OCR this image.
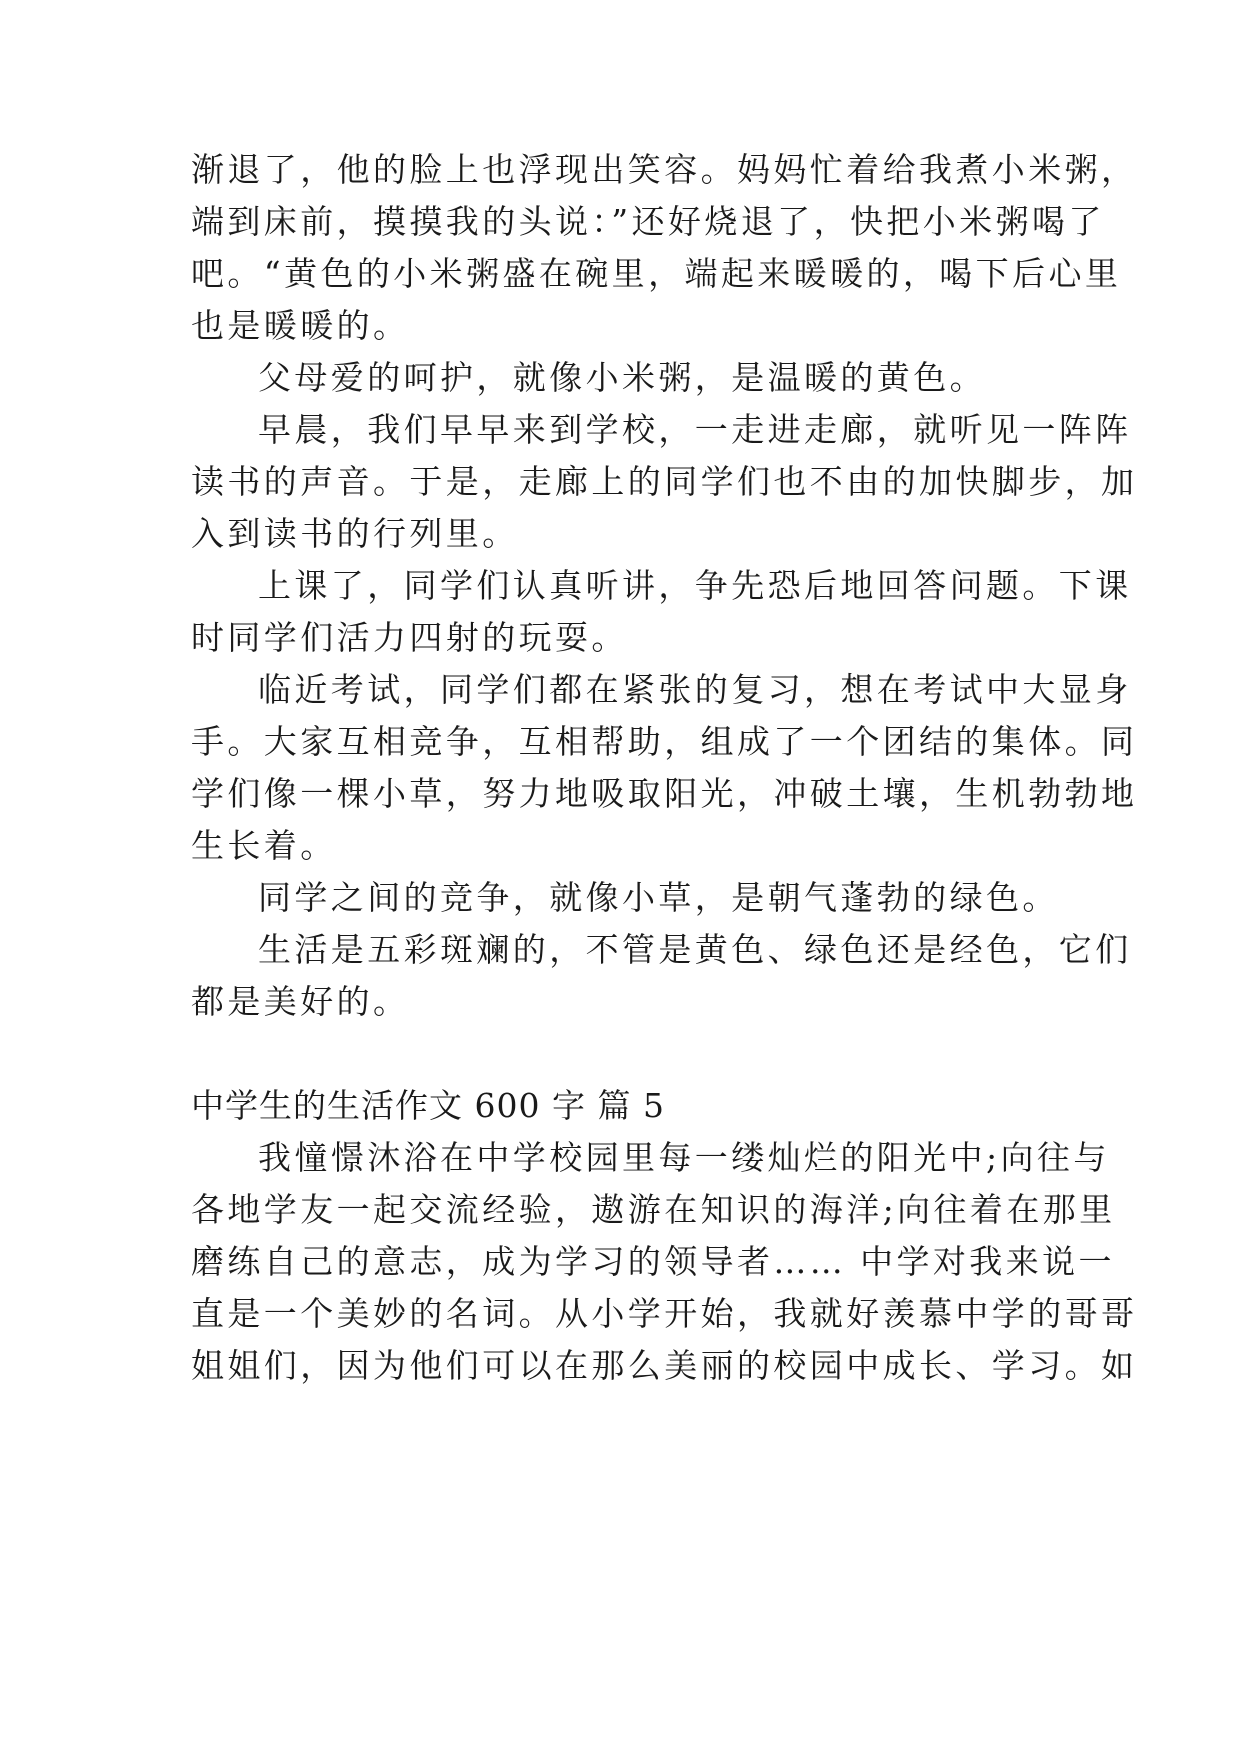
渐退了，他的脸上也浮现出笑容。妈妈忙着给我煮小米粥，
端到床前，摸摸我的头说：”还好烧退了，快把小米粥喝了
吧。“黄色的小米粥盛在碗里，端起来暖暖的，喝下后心里
也是暖暖的。
父母爱的呵护，就像小米粥，是温暖的黄色。
早晨，我们早早来到学校，一走进走廊，就听见一阵阵
读书的声音。于是，走廊上的同学们也不由的加快脚步，加
入到读书的行列里。
上课了，同学们认真听讲，争先恐后地回答问题。下课
时同学们活力四射的玩耍。
临近考试，同学们都在紧张的复习，想在考试中大显身
手。大家互相竞争，互相帮助，组成了一个团结的集体。同
学们像一棵小草，努力地吸取阳光，冲破土壤，生机勃勃地
生长着。
同学之间的竞争，就像小草，是朝气蓬勃的绿色。
生活是五彩斑斓的，不管是黄色、绿色还是经色，它们
都是美好的。
中学生的生活作文 600 字 篇 5
我憧憬沐浴在中学校园里每一缕灿烂的阳光中;向往与
各地学友一起交流经验，遨游在知识的海洋;向往着在那里
磨练自己的意志，成为学习的领导者…… 中学对我来说一
直是一个美妙的名词。从小学开始，我就好羡慕中学的哥哥
姐姐们，因为他们可以在那么美丽的校园中成长、学习。如
